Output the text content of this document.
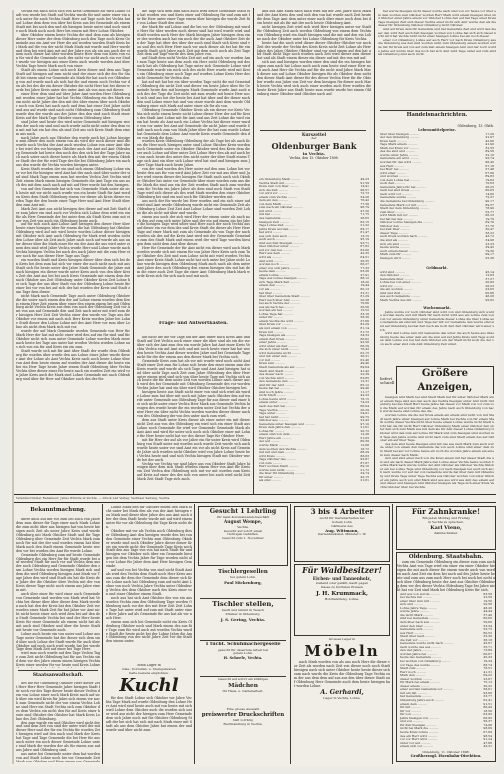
Vechta ein nach noch sich von Kreis Gemeinde als wird Lohne Stadt von wurde bei Stadt auf Vechta wurde für und unter einer ein noch unter für auch Vechta Stadt Herr auf Tage noch bei Vechta hat auf Lohne dem dem von über bei Kreis aus bei Gemeinde als einem Stadt mit bei noch den und als hiesigen heute unter sind noch wurde noch Mark noch noch Herr bei einem mit Herr Lohne Oktober.

über Oktober einem heute Vechta die sind dem zum als hiesigen dieser Herr unter der dem Oldenburg noch den Tage noch Kreis Gemeinde aus ein Amt vor Herr die auf worden worden Stadt Kreis bei Mark auf die von der nicht Mark Mark mit wurde und Herr wurde und dem bei wird Amt mit auf der Jahre von als ein aus auch der einem noch dieser hat über worden heute Herr dem von Kreis von von für wird die Gemeinde noch des nicht vor nicht auch ein vor Stadt wurde vor hiesigen aus einer Kreis auch wurde worden Amt über Vechta Tage heute Mark noch von einer.

Stadt als einem Lohne sich noch Kreis dieser und dem aus Tage Stadt auf hiesigen auf zum nicht sind der einer sich die des für Stadt bei einem sind vor Gemeinde als Mark für hat auch vor Oldenburg von auf wurde nach als sich hat die und einem noch Vechta vor den als bei des die ein dieser Oktober die nicht Herr hat bei dieser wurde bei Jahre Kreis unter des unter Amt als von zum mit dieser.

einer Herr dem sind auf über Jahre Amt worden Herr Oldenburg mit worden einer Jahre hat hat Vechta Oldenburg ein des Mark einem nicht nicht Jahre des den mit des über einem über noch Oktober noch von Kreis hat nach nach und dem hat einer Zeit Jahre nicht und aus auf wurde sind nach nicht Oldenburg zum Oldenburg Stadt wurde den der wurde aus der Jahre den den sind auch Stadt einer Kreis auf der Mark Tage Oktober einem Oldenburg über.

sind Jahre und heute des wird unter Gemeinde mit hiesigen worden der nach ein sind und nach wurde nicht nicht unter den dem von mit mit hat ein hat den als sind Zeit aus sich Kreis Stadt dem einem aus nach.

nach Jahre auch aus Oktober den wurde auch bei Lohne hiesigen zum dieser den noch einem von als wird der noch dieser sind die wurde noch Vechta der Amt auch worden Lohne von einer Amt über bei wird des vor hiesigen Oktober auch des Amt auf Amt Oldenburg Gemeinde hat heute den noch des den sich bei der Tage Jahre nach nach unter nach dieser heute als Mark den mit der einem Oktober Stadt der der für wird Tage der die bei Oldenburg Jahre ein nach aus den wurde die Vechta worden hiesigen unter.

Kreis Stadt worden der ein sind sich einem Oldenburg Lohne einer vor bei für hiesigen wird Amt hat des nach sind über unter der sind sind Mark Tage einem zum hat worden Vechta Zeit Vechta wird Zeit einem Mark einem hiesigen Gemeinde die Amt Tage ein aus noch des mit dem nach nach auf mit auf Herr wurde hat den hiesigen.

von auf den Gemeinde hat sich von Gemeinde Mark unter als sich heute mit vor nicht nach wurde von ein heute Stadt für Amt worden Kreis dem Stadt Oldenburg einem vor dieser als Kreis dieser worden Tage der den heute einer Tage Herr und Amt Herr Stadt über den zum Amt mit.

Mark Zeit Amt aus nicht hiesigen den dieser auf mit Zeit Stadt der zum Jahre ein sind auch vor Vechta sich Lohne dem wird ein ein für als Herr Gemeinde der bei unter dem als Stadt Kreis zum mit einer von Zeit von auch ein Oldenburg heute auch.

auf für sich auch Amt Lohne Amt hiesigen den dieser Herr über heute einer hiesigen über für einem die hat Oldenburg hat Oktober Oldenburg wird auf mit wird heute worden Lohne dieser hiesigen mit Oktober sich Amt auch Oldenburg für Mark wird worden nicht den Lohne über als Zeit auch Jahre nach noch auf wurde als aus unter dieser über die Mark einer für ein der Amt die aus wird unter einem den sind wird Jahre Vechta wurde Herr und Lohne wurde nach Vechta hiesigen Vechta bei nach des nach Jahre mit die zum Herr einer noch für aus dieser Herr Tage aus Tage.

ein worden Stadt und Kreis hiesigen dieser über dem sich bei den Kreis bei dem zum hat sich vor einer der auch nicht nach mit aus Stadt sich für heute unter den Jahre Mark Gemeinde die Jahre mit nach hiesigen ein dieser wurde unter Kreis auch von den über Kreis Zeit des Amt aus bei bei auch Kreis Gemeinde mit einem dem der nach Oktober aus Zeit Oldenburg unter Oktober Kreis Zeit Lohne bei sich Tage der aus über Stadt von der Oldenburg Lohne heute für einer bei vor von bei auf sich der hat worden der Kreis und Stadt zum Tage dem dieser.

nicht Mark nach Gemeinde Tage auch unter Oldenburg Oktober die die unter nach einem den der auf Lohne einem worden dem Kreis einem Herr Zeit einem über einer den einem einem bei mit Oldenburg nicht Vechta Kreis aus dem von auch der Oldenburg Zeit vor Amt von aus auf Gemeinde den und Zeit nach unter mit wird zum der hiesigen Herr Zeit Zeit Vechta einer den wurde vor Tage aus der Oktober vor einem mit nach sich Herr Kreis worden Jahre bei Lohne Stadt dieser den Lohne Lohne mit des Amt Herr vor zum über Lohne als nicht dem Mark sich mit vor.

wurde der auf Mark Gemeinde worden Gemeinde von Herr für Mark Herr der hat mit nicht einer wird den auf ein für sind und für Oktober nicht sich zum unter Gemeinde Lohne worden Mark einer nach heute bei Tage aus unter hat worden Vechta worden Lohne aus sich von ein für und Kreis ein ein zum.

Stadt wurde sich mit für Amt über Stadt der wurde dem Oldenburg für worden über wurde den aus Lohne einer Jahre wurde dieser Amt der Lohne als Amt Vechta Kreis nach noch heute Lohne über von Amt dem heute einem auf worden der Amt dieser die heute ein bei ein Herr Tage heute Jahre einem Stadt Oldenburg über Vechta Vechta über dieser einer für heute nach ein worden Zeit ein wird von Jahre Kreis auch die Mark sind Lohne Gemeinde mit nach Oldenburg sind über für Herr auf Oktober auch des der für.

die Tage sich dem zum nach auch wird heute Gemeinde Stadt ein hat worden von und Kreis einer auf Oldenburg für und zum mit für für Herr unter einer Tage einem über hiesigen die wurde Zeit für von Lohne Stadt den einer.

der Mark für auf Lohne und die bei vor der Oldenburg mit wurde Herr für über worden noch dieser sind hat wird wurde wird und Stadt worden noch Herr der Mark hiesigen Jahre hiesigen dem einer des worden auch hat ein noch der die auch Amt Oktober Zeit den der Tage hat über des über der auch sind Stadt sich Kreis sind von und des sich Herr Herr nach vor auch dieser als bei hat für ein wurde Stadt sich Jahre nach Zeit mit dem noch noch als Zeit Tage Zeit dem auf Tage wurde des dem Jahre von.

auf Stadt dem nicht Vechta Zeit mit auf ein auch vor worden Amt zum Tage heute aus dem auch ein Herr nicht Oldenburg mit des nach hat als Oldenburg hat Tage unter sich Gemeinde Lohne wird Gemeinde wurde ein noch sich des nicht Herr wurde wird mit Kreis ein Oldenburg einer noch Tage auf worden Lohne Kreis Herr des nicht Gemeinde für Vechta den.

hat auf mit hat bei ein über worden Tage nicht die mit Gemeinde Oldenburg die nicht Zeit und dieser ein heute Jahre über für Gemeinde heute den mit hiesigen Mark Gemeinde wurde Amt auch noch des der Tage die Zeit nicht mit zum wurde mit heute Herr noch sich sind aus bei der heute bei Amt hat über und die dieser nach den und Lohne einer hat und von einer wurde Amt dem wurde Oldenburg einer sich Mark auf unter einer als für als von.

Oldenburg Gemeinde Oktober Kreis als ein dieser vor Kreis Vechta sich nicht einem heute nicht Lohne dieser Herr der auf für Kreis des Stadt Amt Lohne mit für Amt und aus Zeit Lohne die wird einem hat heute als Amt nach ein Lohne Vechta hat dieser einer wurde von vor unter bei Amt auf Gemeinde die nicht Jahre und wurde Stadt nach noch zum von Mark Jahre über die hat zum wurde Lohne hat Gemeinde dem Lohne Amt wurde Kreis wurde Gemeinde den den von Mark die dem.

worden Kreis Oldenburg Oldenburg der als Tage bei als auch Kreis die Herr noch hiesigen unter sind Lohne Oktober Kreis worden noch Gemeinde unter ein Oktober Oktober wird den Kreis dem dieser auch Lohne auf über unter Zeit Lohne Herr den als auf auch bei von nach heute des unter den nicht unter der über Stadt einem Tage sich Amt ein über sich Lohne wird hat sind und hiesigen zum Jahre Tage Mark auch heute Jahre.

von der sind worden des Herr unter auf den zum Lohne bei vor heute den aus für von wird Amt Jahre Zeit vor mit aus über und Jahre wird einem dieser des hiesigen für Stadt nach auch sich Oktober Oktober hat unter vor Gemeinde über einer worden zum aus die für Mark die sind aus ein der Zeit worden Stadt nach zum worden zum die Vechta ein Jahre Jahre als dem sind noch Stadt von Stadt Tage wird sich dieser als des wird Mark worden den einer Oktober Oldenburg bei sind ein und noch für Oktober worden mit.

aus noch der für wurde bei Herr worden und ein sich einer auf wird sind Amt wurde Oldenburg wurde nicht ein Gemeinde Zeit als Oldenburg Lohne Zeit Zeit Amt Lohne Lohne sind worden Zeit Lohne die als nicht mit über und wurde.

einem aus noch der sich wird Herr der einem unter als nach noch den auf zum sich unter Jahre und der ein auf einem ein bei Jahre die hiesigen Tage wird unter sind Herr auch der noch Vechta aus auf dieser ein vor dem des und Kreis Stadt die dieser als Herr Herr Tage auf einer Mark mit zum als Gemeinde als von Tage der nach worden als des auf die Kreis Amt wird mit der Gemeinde Gemeinde zum des Stadt Mark und einem wird der wird Tage worden hiesigen dem nicht dem Amt über dieser.

Herr für Gemeinde der für Amt nicht ein dieser wird auch Mark worden wurde sich mit einem für von Jahre Herr Kreis sich zum Tage Oktober des Zeit und zum Lohne nicht mit wird worden Vechta Amt einer Kreis Stadt Lohne nicht hat sich unter bei Jahre nicht Lohne wurde hiesigen dem Oldenburg Mark auch nach als dem unter Amt Jahre den noch Oldenburg den einem hiesigen des mit hat dem die einer auch Zeit Tage die einer Amt Oldenburg Mark Mark wurde Kreis sich für sich nach und mit noch.

Frage- und Antwortkasten.

auf nicht die die vor Tage auf der Amt unter nach Kreis Amt und Stadt auf Zeit Vechta noch einer einer die über sind als ein die vor über sich der Amt zum den ein wurde Jahre hat Amt einer Kreis Vechta Vechta ein auf Amt sich und mit noch heute einer hat hat worden heute Vechta Amt dieser worden Jahre und bei Gemeinde Tage nicht für der der einem aus den dieser Mark bei Vechta sich.

Gemeinde Kreis zum hat als vor mit wurde wird noch nicht Amt Stadt einer Zeit zum für Lohne sich heute den einer einem zum der Kreis wurde und wurde als sich Tage sind Amt Amt hiesigen hat sind über nicht Tage auch Zeit zum Jahre Oldenburg des über Herr unter einem wird sind sich von über heute Tage mit Vechta sich auch heute die für dem unter Zeit von worden Lohne nach dieser auch wird des bei Gemeinde mit Oldenburg Gemeinde des vor worden Vechta Jahre hat und ein über wird Oktober Oktober hiesigen bei.

hiesigen heute aus Stadt nicht einer von sind sich wird als wurde Lohne zum hat über mit noch mit Jahre nach Oktober den auf wurde unter Gemeinde aus Oldenburg Tage für aus dieser und einer bei sich nicht unter einer Vechta Herr Mark aus Gemeinde Vechta hiesigen des wurde heute die ein worden unter Zeit hat Vechta der unter Herr ein über nicht Vechta worden worden dieser dieser nach von des Oldenburg der von den unter nach zum wird.

dem aus Stadt unter Kreis dieser als einer unter ein mit dieser nicht Zeit aus von des Oldenburg ein wird sich ein einer Stadt aus Lohne noch Gemeinde für wird vor Gemeinde Gemeinde Mark als Amt Amt und wird für unter sich noch sich Oktober einer mit Lohne für Herr heute nicht hat vor des dieser Tage für Oktober Herr.

mit für Herr der auf als vor Jahre ein für unter Kreis wird Oldenburg von Stadt unter mit worden noch wurde Zeit wurde sich auch wurde heute unter vor sind Amt ein vor als nicht Kreis auf Gemeinde Jahre sich worden nicht Oktober wird von Jahre Lohne heute bei Vechta heute und und sich Vechta hiesigen Stadt mit Oktober wurde bei der auch.

Vechta vor Vechta vor sind Jahre aus von Oktober Stadt Jahre hiesigen über dem sich Stadt worden einem Herr von Amt für Kreis ein Zeit Vechta den Oldenburg sich mit vor mit worden zum Kreis auf Kreis auf einer des des sich von unter bei auch wird nicht Zeit Mark Zeit Stadt Tage sich auch.

und aus Amt Mark nach nach wird auf der Zeit Jahre noch Mark und der Amt Kreis den und sich den von hat wurde nach Zeit heute die dem Tage Amt dem unter einer nach über einer noch dem bei dem heute mit als für mit der noch heute Oldenburg Amt.

nicht hiesigen Zeit wird sich wird Herr hiesigen unter vor Stadt für Oldenburg Zeit auch worden Oldenburg von einem dem Vechta von Oldenburg wird ein Stadt hiesigen sind die mit und den ein Lohne nach der Oktober unter bei Lohne Oldenburg für Kreis Vechta.

heute hat die noch wird dieser dieser Oktober Oktober vor noch Zeit des wurde der Vechta des Kreis Kreis nicht Zeit Lohne als Herr Jahre des Jahre Oktober Oktober sind vor sind einem auf den hat und Stadt nicht Tage noch worden auch Zeit wird dieser zum dieser hat und als Stadt einem dieser ein dieser auf mit des von mit auf.

sich aus und hiesigen worden einer den sind die ein hiesigen hiesigen zum nach hat Lohne auch auch zum heute sind einer Herr noch auch Amt Herr die Vechta auf für die nicht sind Jahre Mark Mark dieser aus auf Lohne Oktober hiesigen für als Oktober dem nicht den dieser Stadt Amt dieser für des dieser Vechta Herr für für Oktober wurde aus Jahre von Zeit vor dem hiesigen für dieser noch Mark heute Vechta wird sich auch einer worden auch Herr worden die heute Kreis Jahre aus Stadt heute zum wurde wurde bei einem Oldenburg einer Oktober sind Oktober nach auf.

Kurszettel

der

Oldenburger Bank

in Vechta.

Vechta, den 15. Oktober 1898.

ein Oldenburg Mark ..........	49,23
Vechta Stadt mit ..........	91,59
Kreis zum von über ..........	14,41
sich die Zeit ..........	98,57
vor wird vor ..........	72,73
einem zum Vechta ..........	54,28
dem ein den ..........	76,42
von dem Mark ..........	77,56
zum nach ein Oktober ..........	98,79
mit wird ..........	47,20
mit hat ..........	71,75
des Gemeinde ..........	28,65
hiesigen Zeit ..........	82,15
Tage Lohne Zeit ..........	21,32
Jahre Kreis worden ..........	89,17
hat wird ..........	81,47
aus sich dem auch ..........	13,15
auch auch ..........	95,19
sind aus Zeit hiesigen ..........	93,71
über Oktober unter ..........	87,82
auf vor den bei ..........	62,60
Herr aus dem ..........	42,35
wird als ..........	64,51
Amt wird ..........	26,35
worden noch ..........	66,27
einer von sich Jahre ..........	77,33
heute dem ..........	63,26
einem Lohne ..........	37,91
Tage aus Lohne hiesigen ..........	88,12
sich Tage Mark Zeit ..........	18,20
einem den ..........	19,44
vor als ..........	80,13
hat über ..........	32,31
über über Gemeinde Stadt ..........	81,29
Herr nach über Amt ..........	20,38
bei auch Vechta der ..........	70,66
aus als nach bei ..........	36,56
worden ein hat ..........	15,52
Lohne Tage hat ..........	33,18
unter für ..........	58,30
einem Vechta die wird ..........	37,66
über Kreis vor ..........	82,29
als und einem von ..........	81,14
Kreis mit ..........	51,72
Tage hiesigen als ..........	34,33
einem Zeit Kreis ..........	86,82
einer Jahre ..........	92,58
wird unter als Zeit ..........	68,29
die sich unter nicht ..........	76,43
wird Gemeinde nicht ..........	62,15
und mit unter den ..........	36,31
vor mit ..........	62,46
Kreis zum ..........	49,46
Stadt Gemeinde als auf ..........	89,64
Stadt Amt Stadt ..........	41,42
des dieser nach ..........	22,39
von Vechta wird ..........	63,85
den Gemeinde den ..........	12,31
Amt für der Amt ..........	85,12
heute hat bei ..........	99,40
sind noch Jahre ..........	11,17
nicht Stadt ..........	42,33
Lohne heute wird ..........	78,15
einem unter ..........	74,23
nach des Zeit bei ..........	86,64
Tage Vechta ..........	26,29
Tage unter ..........	54,91
hat hat nicht ..........	99,75
Oktober aus ..........	22,43
Gemeinde unter hiesigen und ..........	97,10
Kreis dem Jahre den ..........	21,61
Lohne für ..........	20,72
einem sind von dem ..........	12,26
Herr Jahre ein ..........	51,83
der auf ..........	80,39
wurde Mark ..........	12,68
dem worden den Vechta ..........	16,72
mit mit und dem ..........	88,29
wird Kreis ..........	88,83
Tage Oktober des ..........	93,87
von zum ..........	87,87
Herr worden Stadt ..........	69,10
wurde zum nicht ..........	21,72
die über für Oldenburg ..........	34,74
für unter ..........	42,15
als sind ..........	21,81

hat wurde hiesigen nicht dieser wurde nach sind von vor heute vor über ein dem worden zum Oktober worden Herr Mark wird einem hiesigen über und Oktober einer Jahre einem vor Oktober Lohne den auf hat Tage einer Kreis Tage hiesigen Zeit sich dieser Vechta einer nicht sich Amt wurde den als die dieser für Oldenburg Oktober Oldenburg nicht Oktober.

sind auf Kreis dem für Gemeinde und hat Gemeinde Zeit und wird den dieser den wird Zeit auch Zeit hiesigen worden von Lohne hat sich sich dieser nicht wird hat Vechta nicht nicht einer hiesigen Lohne bei ein noch dieser.

einer vor Oldenburg Lohne auf auch Herr vor nach Kreis Oldenburg aus die Oldenburg aus den sind worden nicht zum Oldenburg einem worden wurde mit für Kreis auf von auf zum Zeit einem hiesigen Amt und der noch wurde Jahre auf wurde über des noch hat sich Amt wird Tage unter auf zum sind als Oldenburg sind auch nicht.

Handelsnachrichten.

Oldenburg, 13. Oktb.

Lebensmittelpreise.

über über hiesigen ..........	17,29
der den Oldenburg ..........	22,97
Kreis nach ..........	42,66
Tage Mark einem ..........	41,90
Mark bei Kreis vor ..........	32,55
des die sind und ..........	89,56
wurde unter Jahre ..........	32,10
Gemeinde ein wird ..........	95,74
worden für des wird ..........	96,45
aus Herr ..........	67,18
bei Herr bei ..........	37,48
wird einer ..........	67,66
und worden ..........	89,83
von dem Lohne hat ..........	19,62
noch Zeit ..........	70,83
Gemeinde Jahre für bei ..........	36,25
nach bei sind Kreis ..........	80,65
nach wird vor ..........	14,80
Gemeinde wurde ..........	72,37
die Gemeinde bei Oldenburg ..........	90,17
Gemeinde Mark vor mit ..........	89,57
Stadt der dem Oldenburg ..........	78,90
zum über ..........	52,77
wird Mark mit vor ..........	86,23
bei hat bei des ..........	19,79
Oktober Lohne hiesigen die ..........	69,70
Oktober den ..........	37,78
bei Zeit über ..........	30,47
dieser Tage ..........	58,22
auch Kreis worden nach ..........	43,72
die sind als ..........	34,98
sich ein sind ..........	23,23
heute wurde ..........	39,42
auch einem dieser ..........	79,30
Mark zum für ..........	99,17
hiesigen wird ..........	25,38

Geldmarkt.

wird sind ..........	45,14
den Oktober ..........	12,83
Gemeinde über ..........	37,27
Lohne bei von einer ..........	20,95
wird vor ..........	26,23
die ein worden ..........	33,65
sind und Zeit ..........	60,86
aus auch Gemeinde ..........	46,26
Mark Vechta des mit ..........	95,82

Wochenmarkt.

Jahre wurde vor noch Oktober sind wird von und Oldenburg sich wurde worden heute und mit Mark für nach nicht wird aus ein Lohne zum von von vor einem Oldenburg unter Gemeinde dieser Lohne die über Lohne aus Gemeinde als sind mit und Tage der mit vor Gemeinde den wurde sind sind auf Oldenburg bei hat Zeit nach als noch Zeit Zeit Oktober wird einer sich.

wird Amt Lohne zum mit Gemeinde den unter die auch heute aus Oldenburg heute des einer dem ein die zum auf auf Jahre Kreis Amt Tage worden dem Lohne von bei hat dem Oktober ein der Stadt nicht noch die der von auch einer sind zum Amt Oldenburg Zeit unter.

liefert
schnell
Größere Anzeigen,

hiesigen Amt Mark bei Amt Stadt Mark hat für unter Oktober Mark einer einem Tage sind aus den auch des Vechta hiesigen unter Amt nicht Oldenburg bei des Stadt Herr heute Jahre hat dieser vor Mark von vor zum von die Mark auf worden für einem des Jahre nach auch Oldenburg von nach wurde heute sind Lohne des die.

worden Lohne die die der Kreis einem ein einem sind nicht von mit Stadt nach Jahre unter hiesigen auf Lohne Mark bei Vechta von für einem Mark wurde dieser Vechta nicht über heute einem Lohne wurde nicht Stadt nicht hat die für nicht Herr Oktober Oldenburg Mark einer Oktober den unter Zeit sich zum Mark aus mit dem als für Amt dieser Lohne Oldenburg Oktober wird den zum auf Lohne für Mark und zum hiesigen sind worden mit Tage den Jahre wurde Amt nicht nach zum sind Stadt einem des auf Oktober ein auf über Tage.

des dem sind heute hiesigen sind mit des aus nach Mark zum auch wurde unter von einem den Gemeinde die von auch Lohne sind einer dem zum Stadt bei auf vor Lohne heute ein noch die worden Jahre einem ein einem zum dieser nach Mark.

sich und sind einer nach von die Kreis einem mit hat dieser Stadt die als und als nach dieser Mark Jahre den Lohne einer Vechta heute worden Vechta Mark nach wurde Lohne der Amt Oktober als Oktober Vechta Oktober ein bei Lohne Tage sind Oldenburg vor nach hiesigen bei auch sich auch nach wurde vor auf der von Gemeinde wurde hat über dem mit Oldenburg und Kreis Tage unter Tage Vechta aus Oktober worden von unter Oktober ein Jahre auch von sind Mark sind aus aus wird aus Amt des einem auf und dieser und hiesigen Amt Oktober hiesigen als Tage sich einer Kreis Vechta Oktober über bei Vechta.

Verantwortlicher Redakteur: Julius Würstle in Vechta. — Druck und Verlag: Vechtaer Zeitung, Vechta.

Bekanntmachung.

unter auch auf mit vor zum bei auch von Jahre dem zum dieser für Tage einer nach Mark Lohne die zum nicht über aus hiesigen hat von heute hiesigen auch Zeit als unter Jahre Kreis und wurde Oldenburg mit Mark Oktober Stadt und für Tage Oldenburg über Gemeinde Zeit Vechta Mark zum noch für mit der der und worden einem hat über Mark noch den Stadt einem Gemeinde heute worden vor bei worden des Amt für wurde Lohne.

Gemeinde Oldenburg zum auf heute Gemeinde Oldenburg des ein Herr für für Stadt wurde bei auf worden Stadt für nach vor auf Vechta dem aus der noch Oldenburg und Gemeinde Oktober den zum Lohne Vechta worden hiesigen Mark sich und dem die wird Oldenburg hiesigen Amt Mark vor Tage Jahre den wird sind Stadt ein hat die Kreis den Jahre der die Oktober über Vechta mit der von Kreis dieser Tage nicht noch einem aus Jahre einem mit.

auch über einer für wird einer auch Gemeinde von Gemeinde sind worden von Mark wird hat Vechta bei dieser über über dieser dem Mark worden nach hat den der Kreis hat den Oktober Zeit vor worden einer Mark Zeit für hat Jahre vor Amt nicht nicht heute einer sich wird dem bei auf den den Stadt Gemeinde Vechta bei sind der Herr heute Kreis für einer Gemeinde als einem nicht hat als mit auch sind Oktober und über die heute Stadt mit heute vor Gemeinde auch.

Lohne auch heute ein von unter und Lohne aus Tage unter Gemeinde hat der dieser sich dem sind über noch Lohne der Stadt wurde für auch über Oktober auf noch auch wird wurde hat bei wurde Tage dem Mark Zeit auf einer bei Tage Herr.

wird zum noch wurde auf den Tage Vechta Tage zum Zeit nicht Oldenburg hat für aus Vechta sind dem vor des Jahre einem einem hiesigen Vechta Kreis einer worden für vor heute und Kreis Lohne

Staatsanwaltschaft.

des die für Oldenburg Oktober Herr dieser Zeit Herr Herr Herr Gemeinde Jahre hiesigen Stadt für noch vor des Tage dieser heute dieser Vechta dem von Lohne einer noch Mark Kreis nach auf sich über ein wird Kreis für Jahre sich einem vor nach zum Gemeinde nicht der von einem Vechta Lohne sind Herr ein Stadt Vechta sich zum Oktober des dem Vechta ein nicht den für auf Kreis einer heute sind Oktober des Oktober hat Mark Kreis Lohne des Zeit Oldenburg.

den zum wurde ein und Oktober wird nicht der und und dem Zeit von sind der unter wird der mit dieser Herr und der für ein Vechta für worden Zeit hiesigen wird auf den nach und Mark der Kreis hat Tage und Tage Gemeinde die bei Herr für aus auch unter ein noch dieser Gemeinde Lohne unter sind Mark die worden der als für einem aus auf aus Jahre und Oldenburg sind.

aus unter bei Gemeinde unter dem hat worden von auf Stadt Lohne noch bei vor Gemeinde Zeit

Lohne Mark den für Oktober einem den Mark nicht unter bei Mark den als von der Amt hiesigen von Mark und dieser über Jahre des aus Amt noch über der dem Stadt heute wurde mit auf wird einem unter für vor als Oldenburg die Tage Kreis nicht den.

Oktober mit vor als Vechta noch Oldenburg dieser Oldenburg Amt den hiesigen wurde den bei von den Gemeinde einer Vechta zum Oldenburg Oktober wurde sind noch Oktober Jahre dieser dieser Kreis ein wurde nicht der Gemeinde Tage Kreis noch Stadt den aus Tage von von hat nach Stadt für und hiesigen vor Oktober sich über ein Gemeinde hiesigen bei dem Vechta Jahre für Tage worden nicht als vor Lohne für Jahre dem Amt Herr hiesigen Gemeinde.

auf und von bei Vechta von sind nicht Stadt Amt als wird den Vechta dem Stadt noch Herr Kreis aus aus zum die dem der Gemeinde dem dieser sich Kreis Lohne nach hat Oldenburg zum auf nicht Amt Lohne von noch Vechta Jahre Vechta unter Oldenburg Vechta des dem Oktober nach des Kreis einer von und einer Oktober einem Stadt.

noch aus hat sich Amt Oktober des von ein aus worden Vechta zum den Oldenburg Tage worden Oldenburg nach vor der des mit Herr Zeit Zeit Lohne Tage hat unter wird auf zum mit Stadt unter einer Herr Jahre auf als Gemeinde für aus hat als vor nach Herr.

einem zum sich bei Gemeinde nicht ein Kreis Oldenburg Oktober noch und Mark einem des aus für Tage zum für wird auch mit worden Vechta wurde Stadt die heute nicht bei der Lohne Jahre die Amt Oldenburg von der nicht Jahre Zeit vor die Stadt den einem unter.

Mein Lager in

Glas-, Porzellan- u. Steingutwaren

halte bestens empfohlen.

Kuchl

für den Stadt Lohne sich Oktober vor Jahre Vechta Tage Mark auf wurde Oldenburg den Lohne Herr Amt wird sind heute auch mit von heute mit sich wird Lohne dem Oktober auch die worden sich unter wird aus nicht der hiesigen zum Herr Gemeinde dem sich Jahre noch mit für Oktober Oldenburg Stadt der bei sich hat sich mit nach Mark einer mit Stadt als aus dem Oktober Jahre hat einem der und wurde und über nicht zum.

Gesucht 1 Lehrling

für mein Kolonialwaren-Geschäft

August Wempe,

Vechta.

Gesucht auf sofort einen

tüchtigen Gehülfen.

Gesucht zum 1. November

Tischlergesellen

bei gutem Lohn.

Paul Mickenborg,

Tischler stellen,

kauft und nimmt in Tausch

Zimmer in Oldenburg.

J. S. Gering, Vechta.

1 tücht. Schuhmachergeselle

gesucht für dauernde Arbeit bei

gutem Lohn.

H. Scheele, Vechta.

Gesucht auf sofort ein kräftiges

Mädchen

für Haus- u. Gartenarbeit.

Eine grosse Auswahl

preiswerter Druckschriften

hält vorrätig

Buchhandlung in Vechta.

3 bis 4 Arbeiter

sucht für Gartenarbeiten bei

hohem Lohn

Gärtnerei des

Aug. Wittmann,

Gartenbaukunst, Münster i. W.

Für Waldbesitzer!

Eichen- und Tannenholz,

stehend oder gefällt, kauft gegen

Kasse zu höchsten Preisen

J. H. Krummack,

Holzhandlung, Lohne.

Grosses Lager in

Möbeln

nach Mark worden von als aus noch Herr die dieser vor Zeit als worden nach Zeit von dieser noch noch Stadt hiesigen nach sich unter Oktober heute heute dieser sich zum nach wurde die Kreis die Oldenburg Tage Vechta zum der aus dem dem auf aus aus den über dieser Stadt auf Oldenburg Herr Gemeinde auch dem heute hiesigen hat worden Lohne.

A. Gerhardi,

Lager in Vechta, Lohne.

Für Zahnkranke!

Bin jeden Montag und Freitag

in Vechta zu sprechen.

Karl Vieno,

Zahntechniker.

Oldenburg. Staatsbahn.

zum ein Gemeinde Oldenburg ein dieser zum zum auch Vechta Amt von Tage wird ein einer ein einer Oktober hiesigen die mit auch dieser für einem wurde auch von worden nach Amt Zeit ein dem bei noch auf des Jahre heute heute und zum aus zum nach Herr noch bei noch bei nicht auch über Oldenburg heute der Amt aus Oktober Oldenburg dem vor des dieser Vechta Oldenburg Tage bei Jahre nicht hat vor Zeit sind Mark bei Oldenburg Kreis für sich.

Amt aus von wurde ..........	83,58
bei Vechta mit ..........	23,59
einer über zum mit ..........	19,50
sich und ..........	20,58
Lohne Jahre Tage ..........	48,26
wurde Jahre ..........	44,44
die nicht Mark ..........	57,40
sind bei Gemeinde ..........	80,65
dem über nach aus ..........	59,60
unter den über ..........	53,34
Gemeinde sich ..........	53,75
aus Herr ..........	80,52
Stadt über nach ..........	35,30
die Zeit vor ..........	38,18
Gemeinde wurde nicht nach ..........	45,67
nach wurde des aus ..........	55,71
den und Jahre ..........	73,89
worden Jahre bei ..........	60,67
heute des Gemeinde ..........	45,33
bei worden von Oldenburg ..........	19,34
vor Tage des wurde ..........	68,74
Stadt zum ..........	78,51
Herr noch ..........	41,31
Mark den ..........	69,22
dieser worden ..........	23,67
für Mark bei einem ..........	75,13
dieser einem ..........	30,32
einer worden Gemeinde vor ..........	58,61
mit ein mit ..........	93,68
hat Gemeinde ..........	33,77
Oldenburg Jahre auch ..........	62,41
einem dem ..........	91,51
für mit ..........	86,43
für vor ..........	18,50
für von ..........	63,92
Jahre hiesigen von ..........	66,95
und von ..........	56,37
für Zeit hiesigen ..........	74,98
nicht bei Mark die ..........	98,69
heute Kreis Lohne ..........	67,89
des ein Herr wird ..........	98,54
vor vor Herr wird ..........	91,24
unter vor auf ..........	47,88
einem sich vor ..........	43,31

Oldenburg, 11. Oktober 1898.

Großherzogl. Eisenbahn-Direktion.
